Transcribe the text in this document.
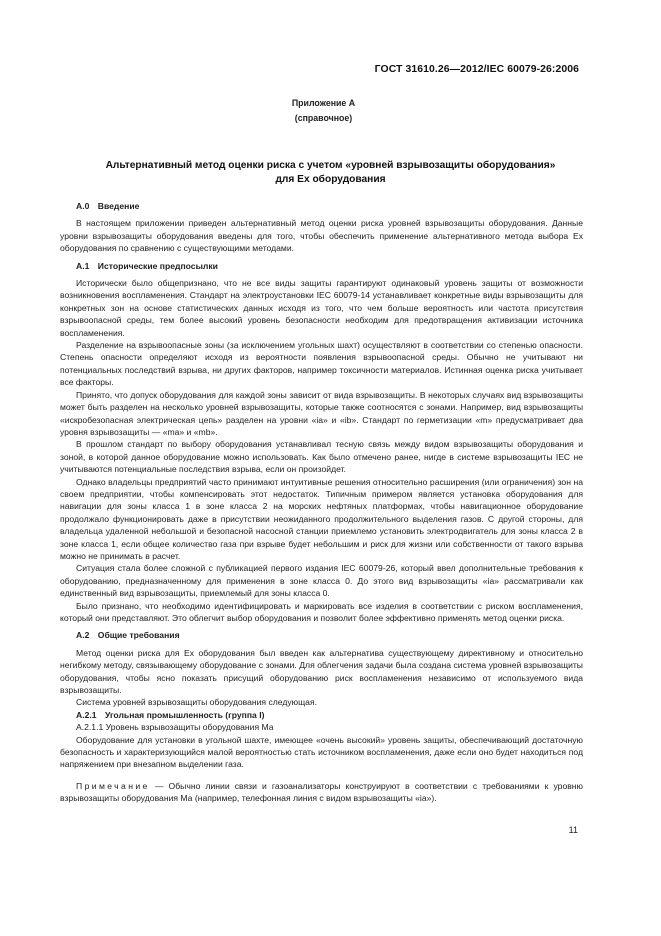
ГОСТ 31610.26—2012/IEC 60079-26:2006
Приложение А
(справочное)
Альтернативный метод оценки риска с учетом «уровней взрывозащиты оборудования»
для Ex оборудования
А.0 Введение

В настоящем приложении приведен альтернативный метод оценки риска уровней взрывозащиты оборудования. Данные уровни взрывозащиты оборудования введены для того, чтобы обеспечить применение альтернативного метода выбора Ex оборудования по сравнению с существующими методами.

А.1 Исторические предпосылки

Исторически было общепризнано, что не все виды защиты гарантируют одинаковый уровень защиты от возможности возникновения воспламенения. Стандарт на электроустановки IEC 60079-14 устанавливает конкретные виды взрывозащиты для конкретных зон на основе статистических данных исходя из того, что чем больше вероятность или частота присутствия взрывоопасной среды, тем более высокий уровень безопасности необходим для предотвращения активизации источника воспламенения.

Разделение на взрывоопасные зоны (за исключением угольных шахт) осуществляют в соответствии со степенью опасности. Степень опасности определяют исходя из вероятности появления взрывоопасной среды. Обычно не учитывают ни потенциальных последствий взрыва, ни других факторов, например токсичности материалов. Истинная оценка риска учитывает все факторы.

Принято, что допуск оборудования для каждой зоны зависит от вида взрывозащиты. В некоторых случаях вид взрывозащиты может быть разделен на несколько уровней взрывозащиты, которые также соотносятся с зонами. Например, вид взрывозащиты «искробезопасная электрическая цепь» разделен на уровни «ia» и «ib». Стандарт по герметизации «m» предусматривает два уровня взрывозащиты — «ma» и «mb».

В прошлом стандарт по выбору оборудования устанавливал тесную связь между видом взрывозащиты оборудования и зоной, в которой данное оборудование можно использовать. Как было отмечено ранее, нигде в системе взрывозащиты IEC не учитываются потенциальные последствия взрыва, если он произойдет.

Однако владельцы предприятий часто принимают интуитивные решения относительно расширения (или ограничения) зон на своем предприятии, чтобы компенсировать этот недостаток. Типичным примером является установка оборудования для навигации для зоны класса 1 в зоне класса 2 на морских нефтяных платформах, чтобы навигационное оборудование продолжало функционировать даже в присутствии неожиданного продолжительного выделения газов. С другой стороны, для владельца удаленной небольшой и безопасной насосной станции приемлемо установить электродвигатель для зоны класса 2 в зоне класса 1, если общее количество газа при взрыве будет небольшим и риск для жизни или собственности от такого взрыва можно не принимать в расчет.

Ситуация стала более сложной с публикацией первого издания IEC 60079-26, который ввел дополнительные требования к оборудованию, предназначенному для применения в зоне класса 0. До этого вид взрывозащиты «ia» рассматривали как единственный вид взрывозащиты, приемлемый для зоны класса 0.

Было признано, что необходимо идентифицировать и маркировать все изделия в соответствии с риском воспламенения, который они представляют. Это облегчит выбор оборудования и позволит более эффективно применять метод оценки риска.

А.2 Общие требования

Метод оценки риска для Ex оборудования был введен как альтернатива существующему директивному и относительно негибкому методу, связывающему оборудование с зонами. Для облегчения задачи была создана система уровней взрывозащиты оборудования, чтобы ясно показать присущий оборудованию риск воспламенения независимо от используемого вида взрывозащиты.

Система уровней взрывозащиты оборудования следующая.

А.2.1 Угольная промышленность (группа I)

А.2.1.1 Уровень взрывозащиты оборудования Ма

Оборудование для установки в угольной шахте, имеющее «очень высокий» уровень защиты, обеспечивающий достаточную безопасность и характеризующийся малой вероятностью стать источником воспламенения, даже если оно будет находиться под напряжением при внезапном выделении газа.

Примечание — Обычно линии связи и газоанализаторы конструируют в соответствии с требованиями к уровню взрывозащиты оборудования Ма (например, телефонная линия с видом взрывозащиты «ia»).

11
